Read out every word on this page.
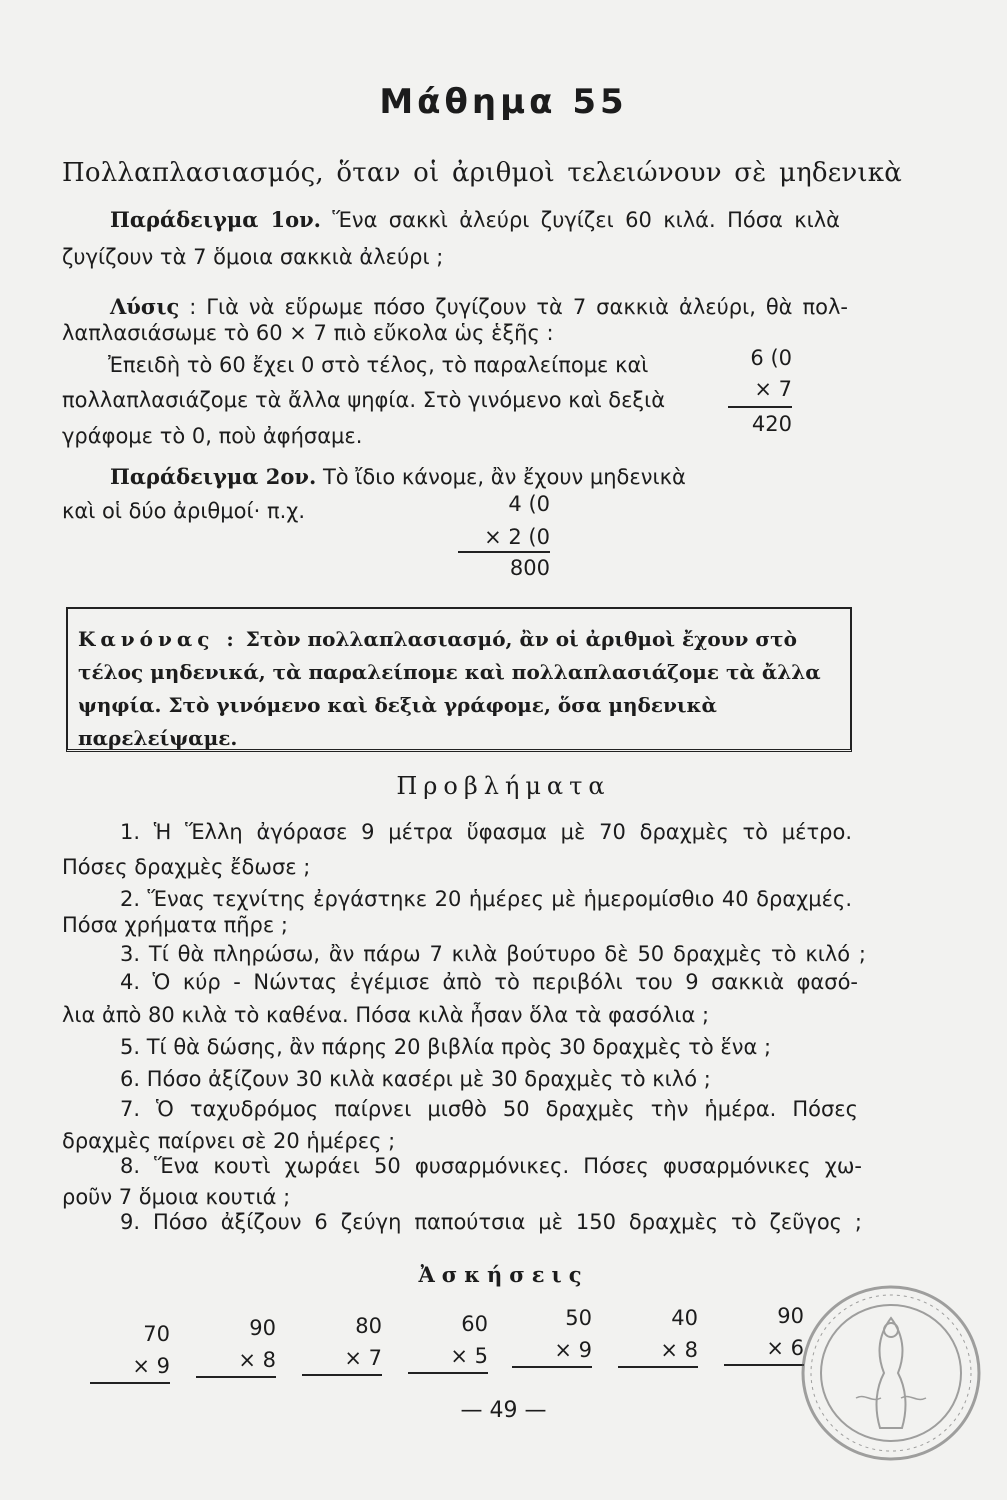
Μάθημα 55
Πολλαπλασιασμός, ὅταν οἱ ἀριθμοὶ τελειώνουν σὲ μηδενικὰ
Παράδειγμα 1ον. Ἕνα σακκὶ ἀλεύρι ζυγίζει 60 κιλά. Πόσα κιλὰ
ζυγίζουν τὰ 7 ὅμοια σακκιὰ ἀλεύρι ;
Λύσις : Γιὰ νὰ εὕρωμε πόσο ζυγίζουν τὰ 7 σακκιὰ ἀλεύρι, θὰ πολ-
λαπλασιάσωμε τὸ 60 × 7 πιὸ εὔκολα ὡς ἑξῆς :
Ἐπειδὴ τὸ 60 ἔχει 0 στὸ τέλος, τὸ παραλείπομε καὶ
πολλαπλασιάζομε τὰ ἄλλα ψηφία. Στὸ γινόμενο καὶ δεξιὰ
γράφομε τὸ 0, ποὺ ἀφήσαμε.
6 (0
× 7
420
Παράδειγμα 2ον. Τὸ ἴδιο κάνομε, ἂν ἔχουν μηδενικὰ
καὶ οἱ δύο ἀριθμοί· π.χ.	4 (0
× 2 (0
800
Κανόνας : Στὸν πολλαπλασιασμό, ἂν οἱ ἀριθμοὶ ἔχουν στὸ τέλος μηδενικά, τὰ παραλείπομε καὶ πολλαπλασιάζομε τὰ ἄλλα ψηφία. Στὸ γινόμενο καὶ δεξιὰ γράφομε, ὅσα μηδενικὰ παρελείψαμε.
Προβλήματα
1. Ἡ Ἕλλη ἀγόρασε 9 μέτρα ὕφασμα μὲ 70 δραχμὲς τὸ μέτρο.
Πόσες δραχμὲς ἔδωσε ;
2. Ἕνας τεχνίτης ἐργάστηκε 20 ἡμέρες μὲ ἡμερομίσθιο 40 δραχμές.
Πόσα χρήματα πῆρε ;
3. Τί θὰ πληρώσω, ἂν πάρω 7 κιλὰ βούτυρο δὲ 50 δραχμὲς τὸ κιλό ;
4. Ὁ κύρ - Νώντας ἐγέμισε ἀπὸ τὸ περιβόλι του 9 σακκιὰ φασό-
λια ἀπὸ 80 κιλὰ τὸ καθένα. Πόσα κιλὰ ἦσαν ὅλα τὰ φασόλια ;
5. Τί θὰ δώσης, ἂν πάρης 20 βιβλία πρὸς 30 δραχμὲς τὸ ἕνα ;
6. Πόσο ἀξίζουν 30 κιλὰ κασέρι μὲ 30 δραχμὲς τὸ κιλό ;
7. Ὁ ταχυδρόμος παίρνει μισθὸ 50 δραχμὲς τὴν ἡμέρα. Πόσες
δραχμὲς παίρνει σὲ 20 ἡμέρες ;
8. Ἕνα κουτὶ χωράει 50 φυσαρμόνικες. Πόσες φυσαρμόνικες χω-
ροῦν 7 ὅμοια κουτιά ;
9. Πόσο ἀξίζουν 6 ζεύγη παπούτσια μὲ 150 δραχμὲς τὸ ζεῦγος ;
Ἀσκήσεις
70
× 9
90
× 8
80
× 7
60
× 5
50
× 9
40
× 8
90
× 6
— 49 —
